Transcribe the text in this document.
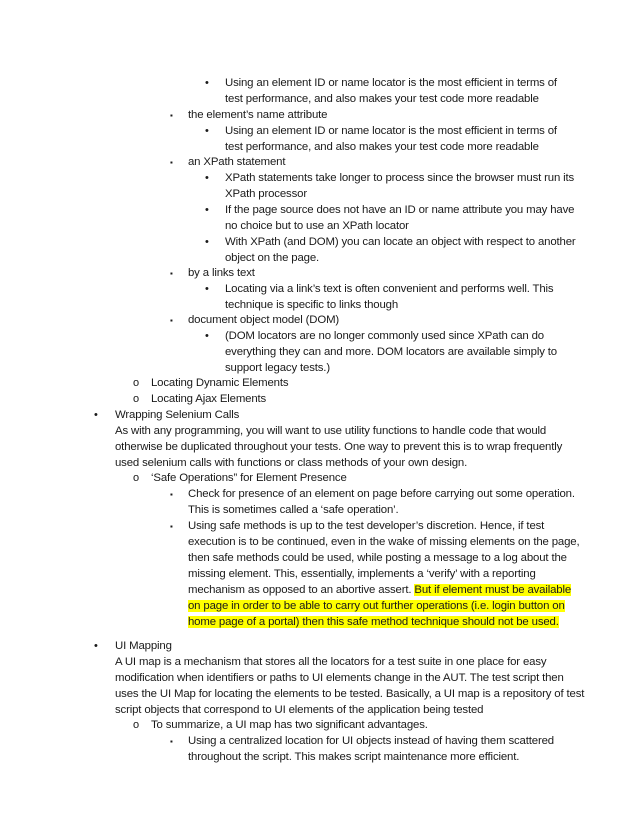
• Using an element ID or name locator is the most efficient in terms of
test performance, and also makes your test code more readable
▪ the element’s name attribute
• Using an element ID or name locator is the most efficient in terms of
test performance, and also makes your test code more readable
▪ an XPath statement
• XPath statements take longer to process since the browser must run its
XPath processor
• If the page source does not have an ID or name attribute you may have
no choice but to use an XPath locator
• With XPath (and DOM) you can locate an object with respect to another
object on the page.
▪ by a links text
• Locating via a link’s text is often convenient and performs well. This
technique is specific to links though
▪ document object model (DOM)
• (DOM locators are no longer commonly used since XPath can do
everything they can and more. DOM locators are available simply to
support legacy tests.)
o Locating Dynamic Elements
o Locating Ajax Elements
• Wrapping Selenium Calls
As with any programming, you will want to use utility functions to handle code that would
otherwise be duplicated throughout your tests. One way to prevent this is to wrap frequently
used selenium calls with functions or class methods of your own design.
o ‘Safe Operations” for Element Presence
▪ Check for presence of an element on page before carrying out some operation.
This is sometimes called a ‘safe operation’.
▪ Using safe methods is up to the test developer’s discretion. Hence, if test
execution is to be continued, even in the wake of missing elements on the page,
then safe methods could be used, while posting a message to a log about the
missing element. This, essentially, implements a ‘verify’ with a reporting
mechanism as opposed to an abortive assert. But if element must be available
on page in order to be able to carry out further operations (i.e. login button on
home page of a portal) then this safe method technique should not be used.
• UI Mapping
A UI map is a mechanism that stores all the locators for a test suite in one place for easy
modification when identifiers or paths to UI elements change in the AUT. The test script then
uses the UI Map for locating the elements to be tested. Basically, a UI map is a repository of test
script objects that correspond to UI elements of the application being tested
o To summarize, a UI map has two significant advantages.
▪ Using a centralized location for UI objects instead of having them scattered
throughout the script. This makes script maintenance more efficient.
